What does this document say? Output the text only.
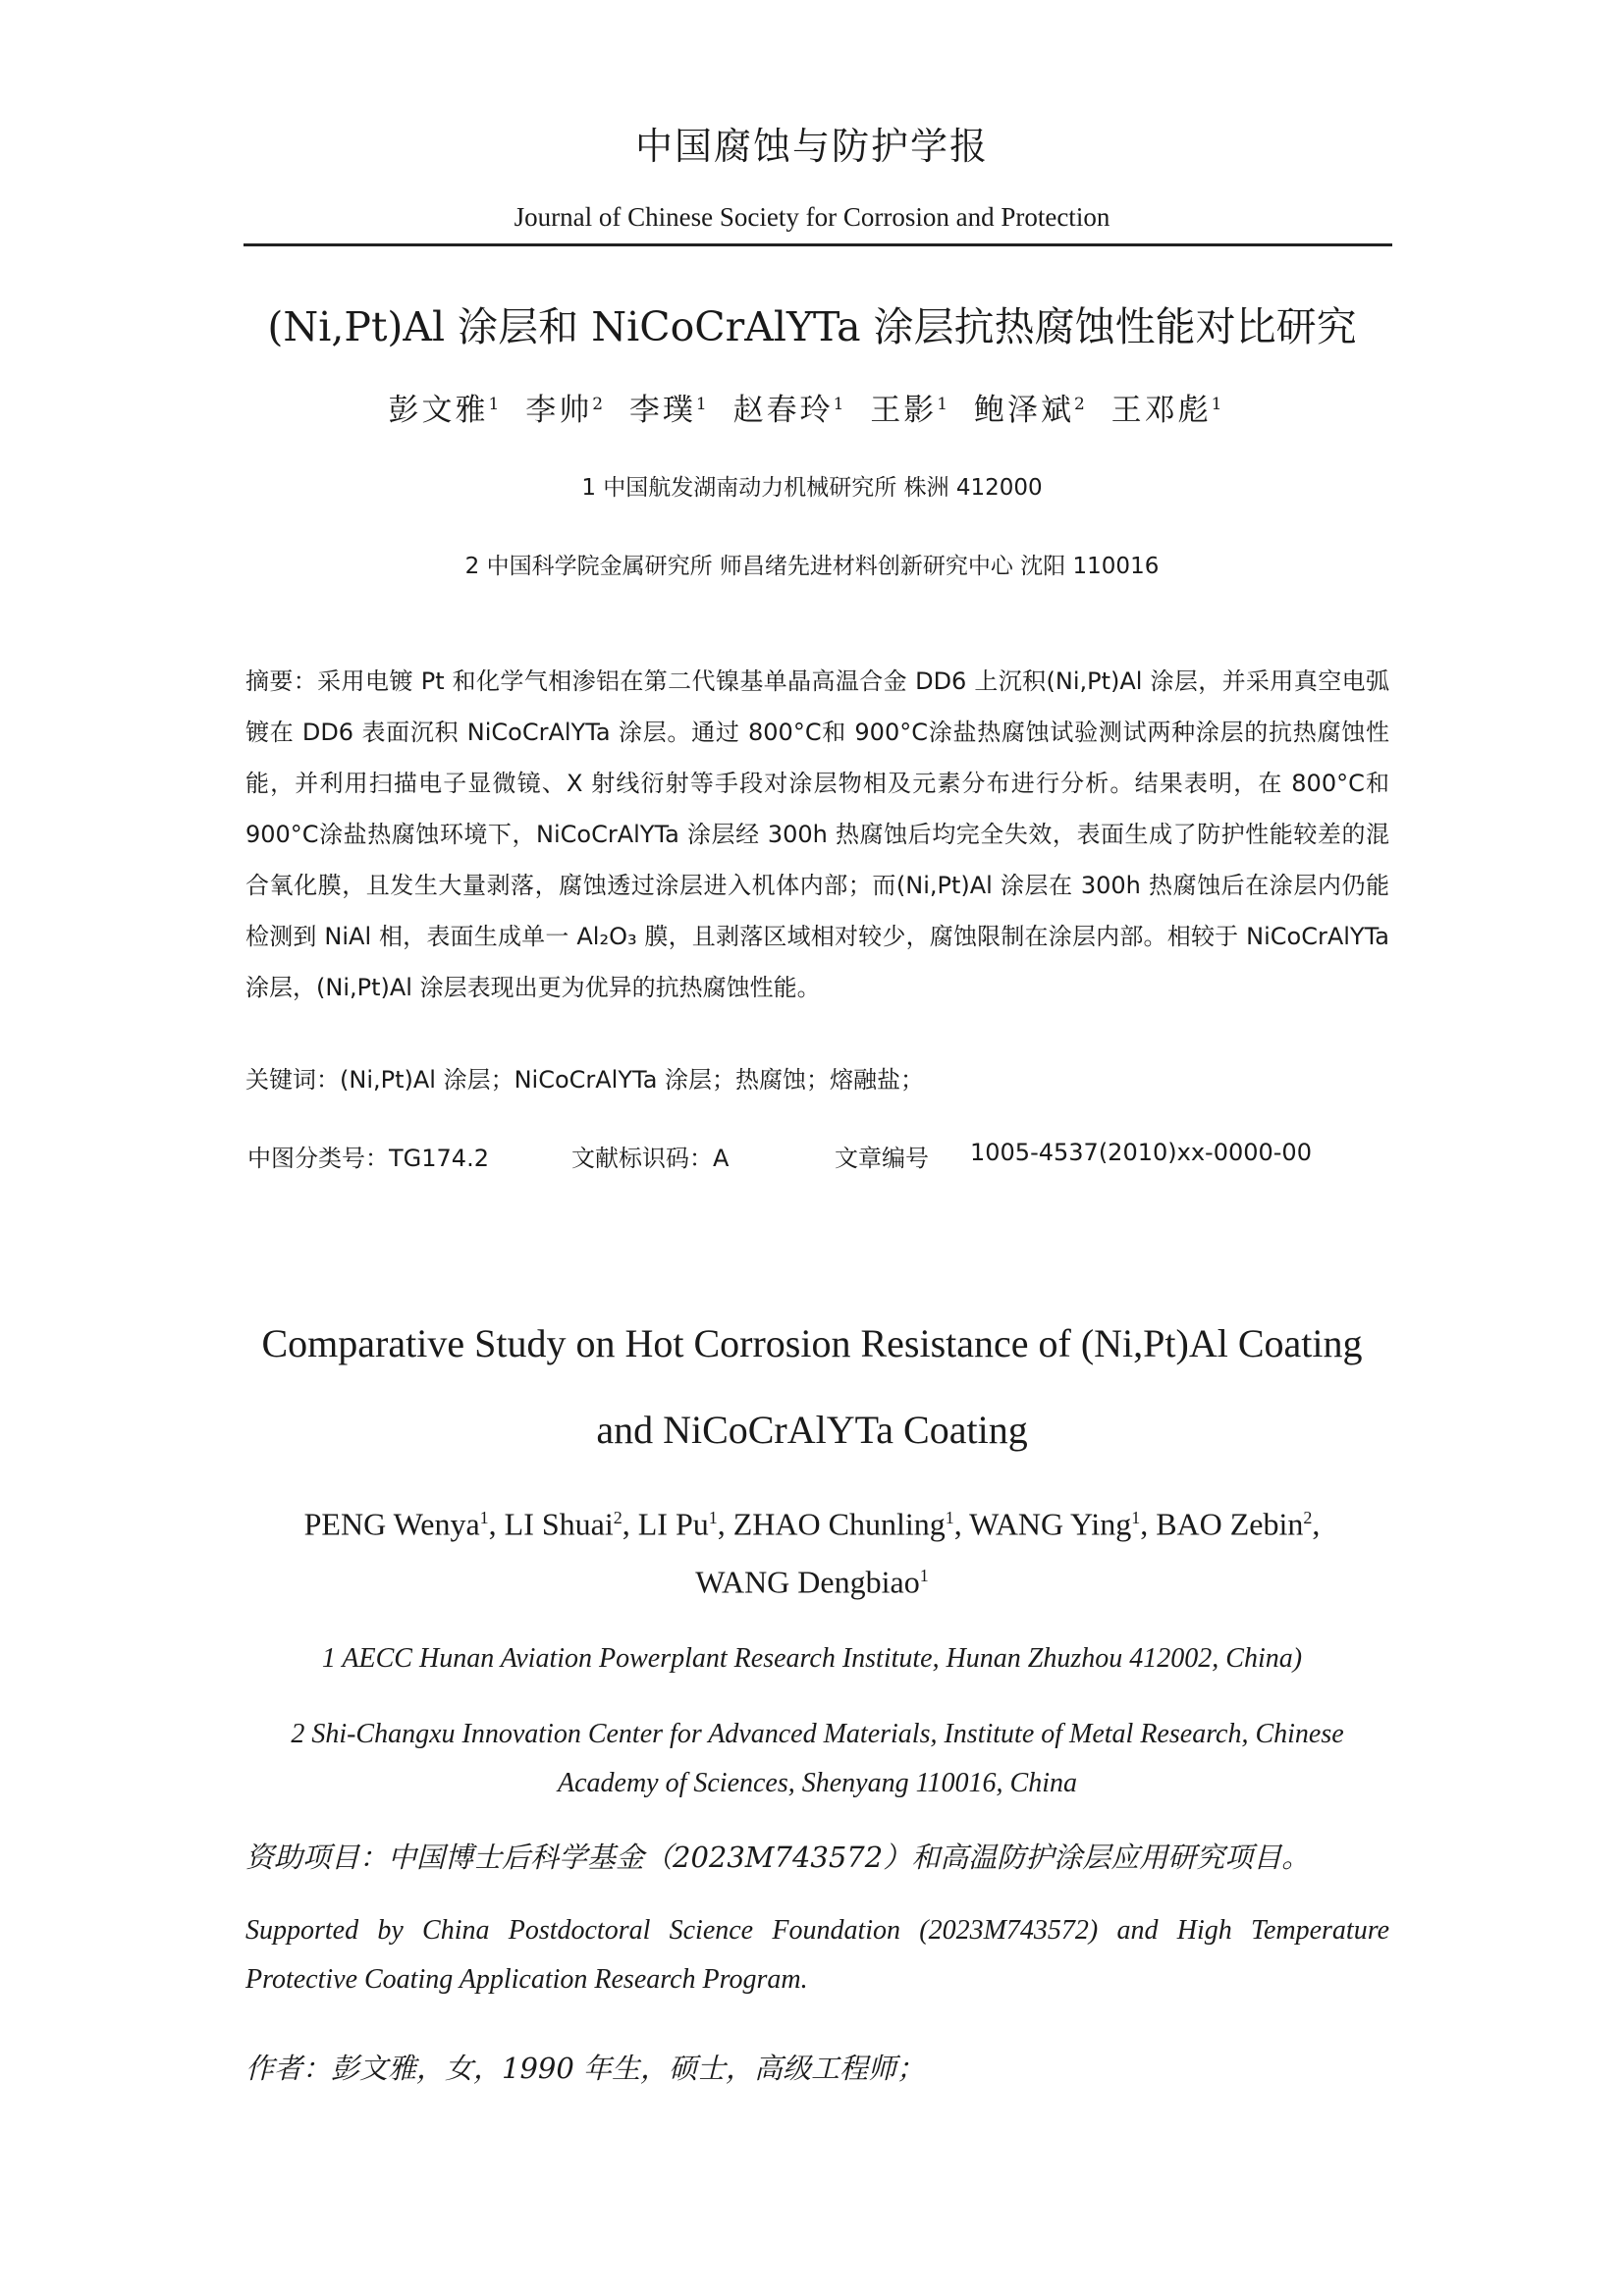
中国腐蚀与防护学报
Journal of Chinese Society for Corrosion and Protection
(Ni,Pt)Al 涂层和 NiCoCrAlYTa 涂层抗热腐蚀性能对比研究
彭文雅$^1$ 李帅$^2$ 李璞$^1$ 赵春玲$^1$ 王影$^1$ 鲍泽斌$^2$ 王邓彪$^1$
1 中国航发湖南动力机械研究所 株洲 412000
2 中国科学院金属研究所 师昌绪先进材料创新研究中心 沈阳 110016
摘要：采用电镀 Pt 和化学气相渗铝在第二代镍基单晶高温合金 DD6 上沉积(Ni,Pt)Al 涂层，并采用真空电弧镀在 DD6 表面沉积 NiCoCrAlYTa 涂层。通过 800°C和 900°C涂盐热腐蚀试验测试两种涂层的抗热腐蚀性能，并利用扫描电子显微镜、X 射线衍射等手段对涂层物相及元素分布进行分析。结果表明，在 800°C和 900°C涂盐热腐蚀环境下，NiCoCrAlYTa 涂层经 300h 热腐蚀后均完全失效，表面生成了防护性能较差的混合氧化膜，且发生大量剥落，腐蚀透过涂层进入机体内部；而(Ni,Pt)Al 涂层在 300h 热腐蚀后在涂层内仍能检测到 NiAl 相，表面生成单一 Al₂O₃ 膜，且剥落区域相对较少，腐蚀限制在涂层内部。相较于 NiCoCrAlYTa 涂层，(Ni,Pt)Al 涂层表现出更为优异的抗热腐蚀性能。
关键词：(Ni,Pt)Al 涂层；NiCoCrAlYTa 涂层；热腐蚀；熔融盐；
中图分类号：TG174.2	文献标识码：A	文章编号 1005-4537(2010)xx-0000-00
Comparative Study on Hot Corrosion Resistance of (Ni,Pt)Al Coating
and NiCoCrAlYTa Coating
PENG Wenya$^1$, LI Shuai$^2$, LI Pu$^1$, ZHAO Chunling$^1$, WANG Ying$^1$, BAO Zebin$^2$,
WANG Dengbiao$^1$
1 AECC Hunan Aviation Powerplant Research Institute, Hunan Zhuzhou 412002, China)
2 Shi-Changxu Innovation Center for Advanced Materials, Institute of Metal Research, Chinese Academy of Sciences, Shenyang 110016, China
资助项目：中国博士后科学基金（2023M743572）和高温防护涂层应用研究项目。
Supported by China Postdoctoral Science Foundation (2023M743572) and High Temperature Protective Coating Application Research Program.
作者：彭文雅，女，1990 年生，硕士，高级工程师；
